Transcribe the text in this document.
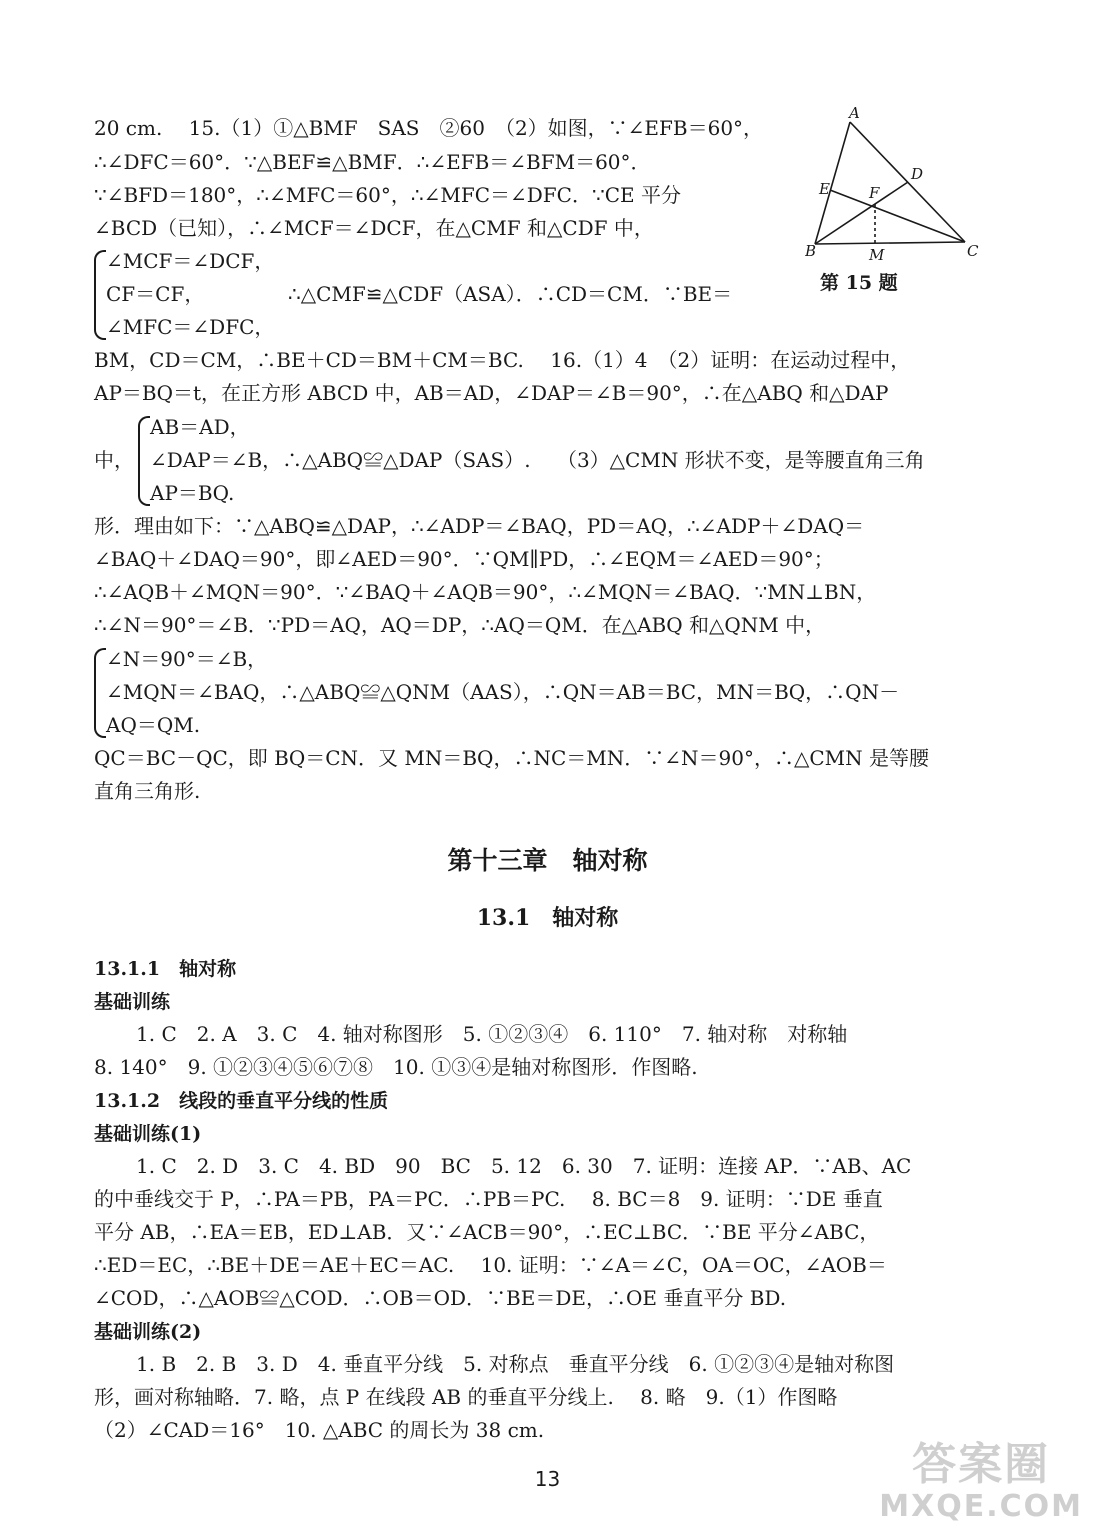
A
B	C
D
E	F
M
第 15 题
20 cm.　 15.（1）①△BMF　SAS　②60　（2）如图，∵∠EFB＝60°，
∴∠DFC＝60°．∵△BEF≌△BMF．∴∠EFB＝∠BFM＝60°．
∵∠BFD＝180°，∴∠MFC＝60°，∴∠MFC＝∠DFC．∵CE 平分
∠BCD（已知），∴∠MCF＝∠DCF，在△CMF 和△CDF 中，
∠MCF＝∠DCF，
CF＝CF，	∴△CMF≌△CDF（ASA）．∴CD＝CM．∵BE＝
∠MFC＝∠DFC，
BM，CD＝CM，∴BE＋CD＝BM＋CM＝BC.　 16.（1）4　（2）证明：在运动过程中，
AP＝BQ＝t，在正方形 ABCD 中，AB＝AD，∠DAP＝∠B＝90°，∴在△ABQ 和△DAP
中，
AB＝AD，
∠DAP＝∠B，∴△ABQ≌△DAP（SAS）.　 （3）△CMN 形状不变，是等腰直角三角
AP＝BQ.
形．理由如下：∵△ABQ≌△DAP，∴∠ADP＝∠BAQ，PD＝AQ，∴∠ADP＋∠DAQ＝
∠BAQ＋∠DAQ＝90°，即∠AED＝90°．∵QM∥PD，∴∠EQM＝∠AED＝90°；
∴∠AQB＋∠MQN＝90°．∵∠BAQ＋∠AQB＝90°，∴∠MQN＝∠BAQ．∵MN⊥BN，
∴∠N＝90°＝∠B．∵PD＝AQ，AQ＝DP，∴AQ＝QM．在△ABQ 和△QNM 中，
∠N＝90°＝∠B，
∠MQN＝∠BAQ，∴△ABQ≌△QNM（AAS），∴QN＝AB＝BC，MN＝BQ，∴QN－
AQ＝QM.
QC＝BC－QC，即 BQ＝CN．又 MN＝BQ，∴NC＝MN．∵∠N＝90°，∴△CMN 是等腰
直角三角形.
第十三章　轴对称
13.1　轴对称
13.1.1　轴对称
基础训练
1. C　2. A　3. C　4. 轴对称图形　5. ①②③④　6. 110°　7. 轴对称　对称轴
8. 140°　9. ①②③④⑤⑥⑦⑧　10. ①③④是轴对称图形．作图略.
13.1.2　线段的垂直平分线的性质
基础训练(1)
1. C　2. D　3. C　4. BD　90　BC　5. 12　6. 30　7. 证明：连接 AP．∵AB、AC
的中垂线交于 P，∴PA＝PB，PA＝PC．∴PB＝PC.　 8. BC＝8　9. 证明：∵DE 垂直
平分 AB，∴EA＝EB，ED⊥AB．又∵∠ACB＝90°，∴EC⊥BC．∵BE 平分∠ABC，
∴ED＝EC，∴BE＋DE＝AE＋EC＝AC.　 10. 证明：∵∠A＝∠C，OA＝OC，∠AOB＝
∠COD，∴△AOB≌△COD．∴OB＝OD．∵BE＝DE，∴OE 垂直平分 BD.
基础训练(2)
1. B　2. B　3. D　4. 垂直平分线　5. 对称点　垂直平分线　6. ①②③④是轴对称图
形，画对称轴略．7. 略，点 P 在线段 AB 的垂直平分线上.　 8. 略　9.（1）作图略
（2）∠CAD＝16°　10. △ABC 的周长为 38 cm.
13	答案圈
MXQE.COM
